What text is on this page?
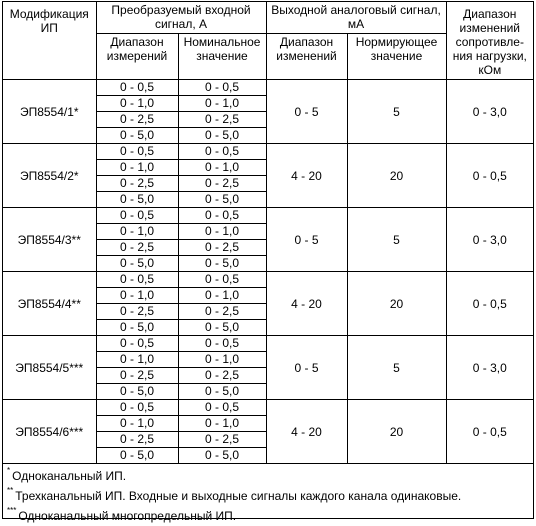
Модификация ИП	Преобразуемый входной сигнал, А		Выходной аналоговый сигнал, мА		Диапазон изменений сопротивле-ния нагрузки, кОм
	Диапазон измерений	Номинальное значение	Диапазон изменений	Нормирующее значение	
ЭП8554/1*	0 - 0,5	0 - 0,5	0 - 5	5	0 - 3,0
	0 - 1,0	0 - 1,0			
	0 - 2,5	0 - 2,5			
	0 - 5,0	0 - 5,0			
ЭП8554/2*	0 - 0,5	0 - 0,5	4 - 20	20	0 - 0,5
	0 - 1,0	0 - 1,0			
	0 - 2,5	0 - 2,5			
	0 - 5,0	0 - 5,0			
ЭП8554/3**	0 - 0,5	0 - 0,5	0 - 5	5	0 - 3,0
	0 - 1,0	0 - 1,0			
	0 - 2,5	0 - 2,5			
	0 - 5,0	0 - 5,0			
ЭП8554/4**	0 - 0,5	0 - 0,5	4 - 20	20	0 - 0,5
	0 - 1,0	0 - 1,0			
	0 - 2,5	0 - 2,5			
	0 - 5,0	0 - 5,0			
ЭП8554/5***	0 - 0,5	0 - 0,5	0 - 5	5	0 - 3,0
	0 - 1,0	0 - 1,0			
	0 - 2,5	0 - 2,5			
	0 - 5,0	0 - 5,0			
ЭП8554/6***	0 - 0,5	0 - 0,5	4 - 20	20	0 - 0,5
	0 - 1,0	0 - 1,0			
	0 - 2,5	0 - 2,5			
	0 - 5,0	0 - 5,0			
* Одноканальный ИП.
** Трехканальный ИП. Входные и выходные сигналы каждого канала одинаковые.
*** Одноканальный многопредельный ИП.
